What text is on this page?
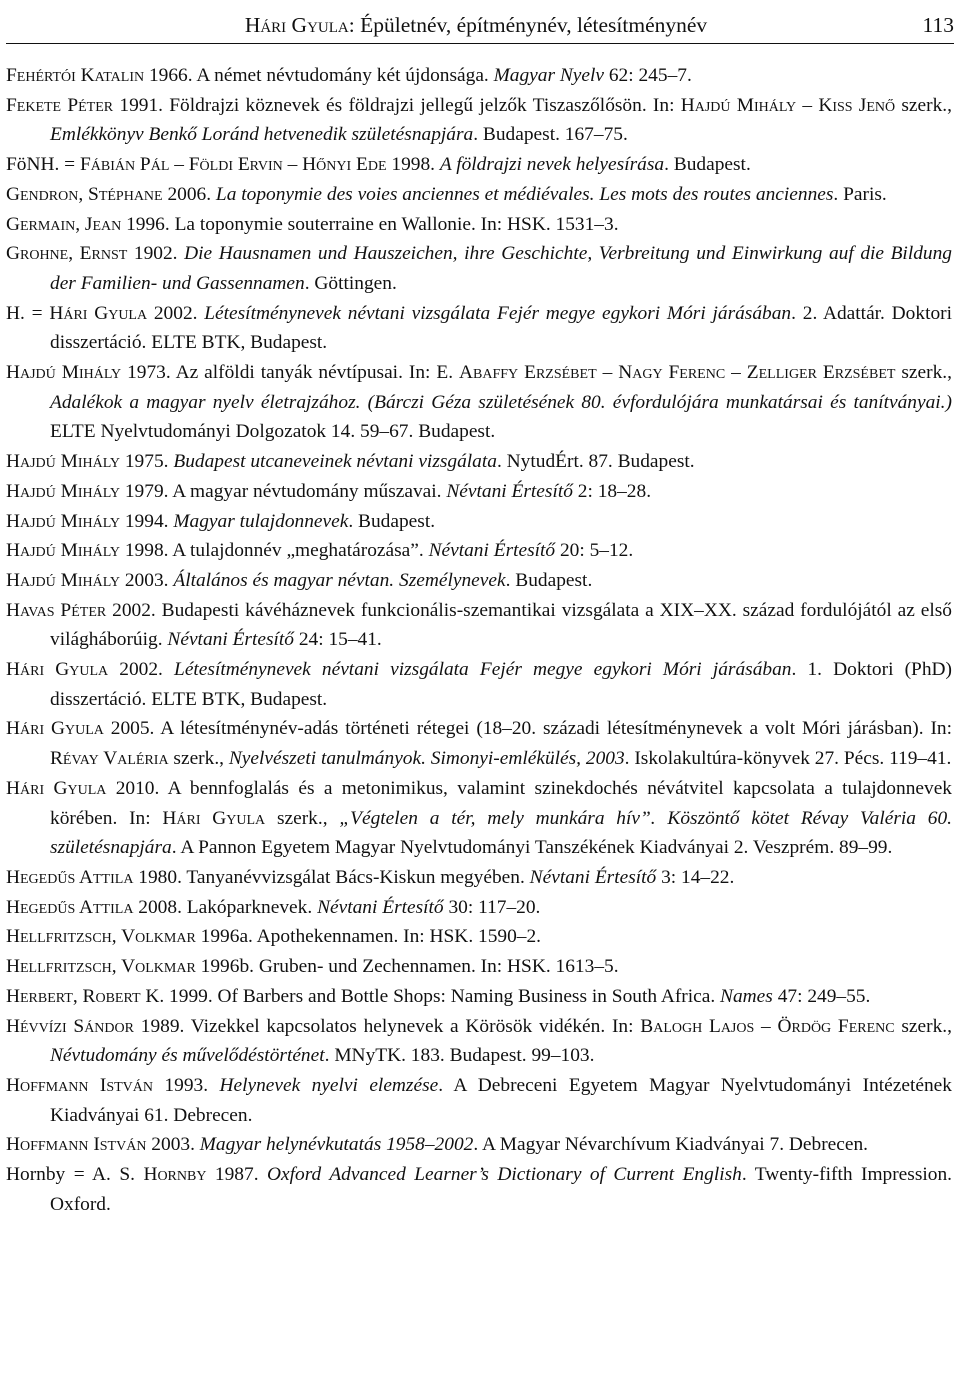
Hári Gyula: Épületnév, építménynév, létesítménynév	113

Fehértói Katalin 1966. A német névtudomány két újdonsága. Magyar Nyelv 62: 245–7.

Fekete Péter 1991. Földrajzi köznevek és földrajzi jellegű jelzők Tiszaszőlősön. In: Hajdú Mihály – Kiss Jenő szerk., Emlékkönyv Benkő Loránd hetvenedik születésnapjára. Budapest. 167–75.

FöNH. = Fábián Pál – Földi Ervin – Hőnyi Ede 1998. A földrajzi nevek helyesírása. Budapest.

Gendron, Stéphane 2006. La toponymie des voies anciennes et médiévales. Les mots des routes anciennes. Paris.

Germain, Jean 1996. La toponymie souterraine en Wallonie. In: HSK. 1531–3.

Grohne, Ernst 1902. Die Hausnamen und Hauszeichen, ihre Geschichte, Verbreitung und Einwirkung auf die Bildung der Familien- und Gassennamen. Göttingen.

H. = Hári Gyula 2002. Létesítménynevek névtani vizsgálata Fejér megye egykori Móri járásában. 2. Adattár. Doktori disszertáció. ELTE BTK, Budapest.

Hajdú Mihály 1973. Az alföldi tanyák névtípusai. In: E. Abaffy Erzsébet – Nagy Ferenc – Zelliger Erzsébet szerk., Adalékok a magyar nyelv életrajzához. (Bárczi Géza születésének 80. évfordulójára munkatársai és tanítványai.) ELTE Nyelvtudományi Dolgozatok 14. 59–67. Budapest.

Hajdú Mihály 1975. Budapest utcaneveinek névtani vizsgálata. NytudÉrt. 87. Budapest.

Hajdú Mihály 1979. A magyar névtudomány műszavai. Névtani Értesítő 2: 18–28.

Hajdú Mihály 1994. Magyar tulajdonnevek. Budapest.

Hajdú Mihály 1998. A tulajdonnév „meghatározása”. Névtani Értesítő 20: 5–12.

Hajdú Mihály 2003. Általános és magyar névtan. Személynevek. Budapest.

Havas Péter 2002. Budapesti kávéháznevek funkcionális-szemantikai vizsgálata a XIX–XX. század fordulójától az első világháborúig. Névtani Értesítő 24: 15–41.

Hári Gyula 2002. Létesítménynevek névtani vizsgálata Fejér megye egykori Móri járásában. 1. Doktori (PhD) disszertáció. ELTE BTK, Budapest.

Hári Gyula 2005. A létesítménynév-adás történeti rétegei (18–20. századi létesítménynevek a volt Móri járásban). In: Révay Valéria szerk., Nyelvészeti tanulmányok. Simonyi-emlékülés, 2003. Iskolakultúra-könyvek 27. Pécs. 119–41.

Hári Gyula 2010. A bennfoglalás és a metonimikus, valamint szinekdochés névátvitel kapcsolata a tulajdonnevek körében. In: Hári Gyula szerk., „Végtelen a tér, mely munkára hív”. Köszöntő kötet Révay Valéria 60. születésnapjára. A Pannon Egyetem Magyar Nyelvtudományi Tanszékének Kiadványai 2. Veszprém. 89–99.

Hegedűs Attila 1980. Tanyanévvizsgálat Bács-Kiskun megyében. Névtani Értesítő 3: 14–22.

Hegedűs Attila 2008. Lakóparknevek. Névtani Értesítő 30: 117–20.

Hellfritzsch, Volkmar 1996a. Apothekennamen. In: HSK. 1590–2.

Hellfritzsch, Volkmar 1996b. Gruben- und Zechennamen. In: HSK. 1613–5.

Herbert, Robert K. 1999. Of Barbers and Bottle Shops: Naming Business in South Africa. Names 47: 249–55.

Hévvízi Sándor 1989. Vizekkel kapcsolatos helynevek a Körösök vidékén. In: Balogh Lajos – Ördög Ferenc szerk., Névtudomány és művelődéstörténet. MNyTK. 183. Budapest. 99–103.

Hoffmann István 1993. Helynevek nyelvi elemzése. A Debreceni Egyetem Magyar Nyelvtudományi Intézetének Kiadványai 61. Debrecen.

Hoffmann István 2003. Magyar helynévkutatás 1958–2002. A Magyar Névarchívum Kiadványai 7. Debrecen.

Hornby = A. S. Hornby 1987. Oxford Advanced Learner’s Dictionary of Current English. Twenty-fifth Impression. Oxford.
